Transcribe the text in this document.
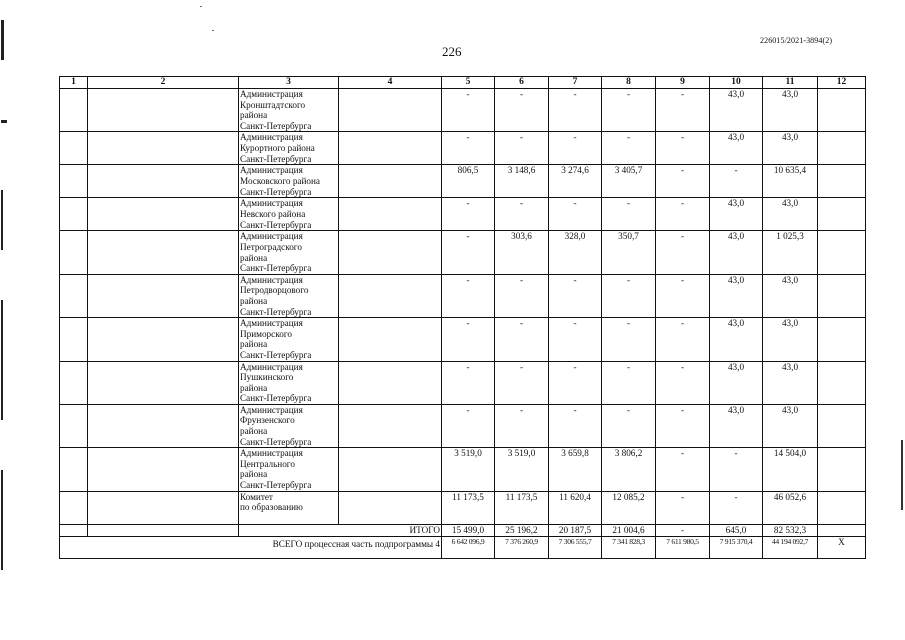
226015/2021-3894(2)
226
1	2	3	4	5	6	7	8	9	10	11	12

		Администрация
Кронштадтского
района
Санкт-Петербурга		-	-	-	-	-	43,0	43,0	

		Администрация
Курортного района
Санкт-Петербурга		-	-	-	-	-	43,0	43,0	

		Администрация
Московского района
Санкт-Петербурга		806,5	3 148,6	3 274,6	3 405,7	-	-	10 635,4	

		Администрация
Невского района
Санкт-Петербурга		-	-	-	-	-	43,0	43,0	

		Администрация
Петроградского
района
Санкт-Петербурга		-	303,6	328,0	350,7	-	43,0	1 025,3	

		Администрация
Петродворцового
района
Санкт-Петербурга		-	-	-	-	-	43,0	43,0	

		Администрация
Приморского
района
Санкт-Петербурга		-	-	-	-	-	43,0	43,0	

		Администрация
Пушкинского
района
Санкт-Петербурга		-	-	-	-	-	43,0	43,0	

		Администрация
Фрунзенского
района
Санкт-Петербурга		-	-	-	-	-	43,0	43,0	

		Администрация
Центрального
района
Санкт-Петербурга		3 519,0	3 519,0	3 659,8	3 806,2	-	-	14 504,0	

		Комитет
по образованию		11 173,5	11 173,5	11 620,4	12 085,2	-	-	46 052,6	
		ИТОГО		15 499,0	25 196,2	20 187,5	21 004,6	-	645,0	82 532,3	
ВСЕГО процессная часть подпрограммы 4				6 642 096,9	7 376 260,9	7 306 555,7	7 341 828,3	7 611 980,5	7 915 370,4	44 194 092,7	X
